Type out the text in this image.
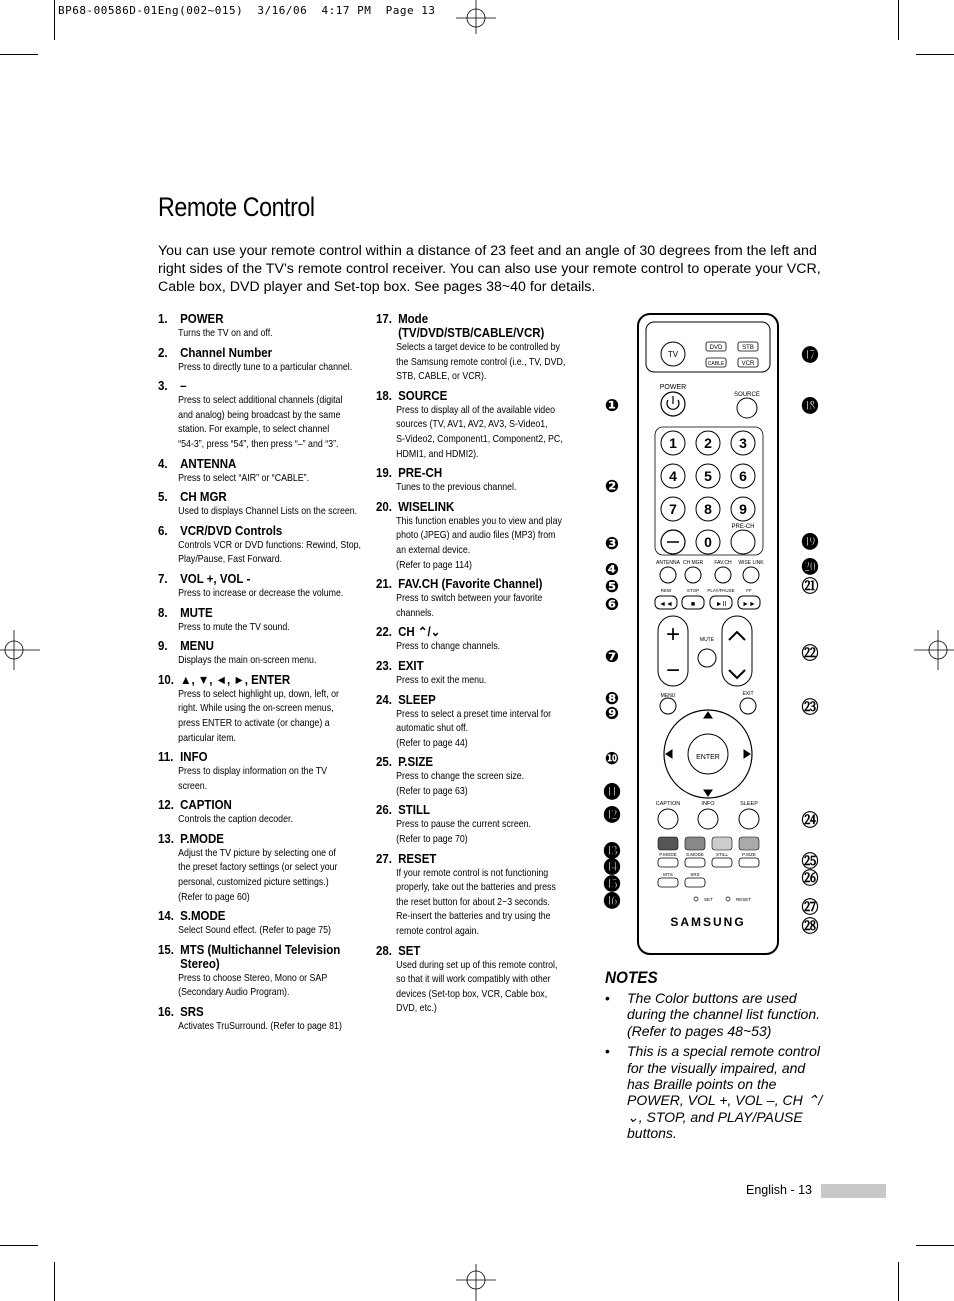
BP68-00586D-01Eng(002~015)  3/16/06  4:17 PM  Page 13
Remote Control
You can use your remote control within a distance of 23 feet and an angle of 30 degrees from the left and right sides of the TV’s remote control receiver. You can also use your remote control to operate your VCR, Cable box, DVD player and Set-top box. See pages 38~40 for details.
1. POWER
Turns the TV on and off.
2. Channel Number
Press to directly tune to a particular channel.
3. –
Press to select additional channels (digital
and analog) being broadcast by the same
station. For example, to select channel
“54-3”, press “54”, then press “–” and “3”.
4. ANTENNA
Press to select “AIR” or “CABLE”.
5. CH MGR
Used to displays Channel Lists on the screen.
6. VCR/DVD Controls
Controls VCR or DVD functions: Rewind, Stop,
Play/Pause, Fast Forward.
7. VOL +, VOL -
Press to increase or decrease the volume.
8. MUTE
Press to mute the TV sound.
9. MENU
Displays the main on-screen menu.
10. ▲, ▼, ◄, ►, ENTER
Press to select highlight up, down, left, or
right. While using the on-screen menus,
press ENTER to activate (or change) a
particular item.
11. INFO
Press to display information on the TV
screen.
12. CAPTION
Controls the caption decoder.
13. P.MODE
Adjust the TV picture by selecting one of
the preset factory settings (or select your
personal, customized picture settings.)
(Refer to page 60)
14. S.MODE
Select Sound effect. (Refer to page 75)
15. MTS (Multichannel Television
Stereo)
Press to choose Stereo, Mono or SAP
(Secondary Audio Program).
16. SRS
Activates TruSurround. (Refer to page 81)
17. Mode
(TV/DVD/STB/CABLE/VCR)
Selects a target device to be controlled by
the Samsung remote control (i.e., TV, DVD,
STB, CABLE, or VCR).
18. SOURCE
Press to display all of the available video
sources (TV, AV1, AV2, AV3, S-Video1,
S-Video2, Component1, Component2, PC,
HDMI1, and HDMI2).
19. PRE-CH
Tunes to the previous channel.
20. WISELINK
This function enables you to view and play
photo (JPEG) and audio files (MP3) from
an external device.
(Refer to page 114)
21. FAV.CH (Favorite Channel)
Press to switch between your favorite
channels.
22. CH ⌃/⌄
Press to change channels.
23. EXIT
Press to exit the menu.
24. SLEEP
Press to select a preset time interval for
automatic shut off.
(Refer to page 44)
25. P.SIZE
Press to change the screen size.
(Refer to page 63)
26. STILL
Press to pause the current screen.
(Refer to page 70)
27. RESET
If your remote control is not functioning
properly, take out the batteries and press
the reset button for about 2~3 seconds.
Re-insert the batteries and try using the
remote control again.
28. SET
Used during set up of this remote control,
so that it will work compatibly with other
devices (Set-top box, VCR, Cable box,
DVD, etc.)
TV
DVD	STB
CABLE	VCR
POWER
SOURCE
1 2 3
4 5 6
7 8 9
0
PRE-CH
ANTENNA CH MGR FAV.CH WISE LINK
REW
◄◄
STOP
■
PLAY/PAUSE
►II
FF
►►
+
−
MUTE
MENU	EXIT
ENTER
CAPTION	INFO	SLEEP
P.MODE S.MODE	STILL	P.SIZE
MTS	SRS
SET	RESET
SAMSUNG
❶
❷
❸
❹
❺
❻
❼
❽
❾
❿
⓫
⓬
⓭
⓮
⓯
⓰
⓱
⓲
⓳
⓴
㉑
㉒
㉓
㉔
㉕
㉖
㉗
㉘
NOTES
• The Color buttons are used during the channel list function. (Refer to pages 48~53)
• This is a special remote control for the visually impaired, and has Braille points on the POWER, VOL +, VOL –, CH ⌃/⌄, STOP, and PLAY/PAUSE buttons.
English - 13
